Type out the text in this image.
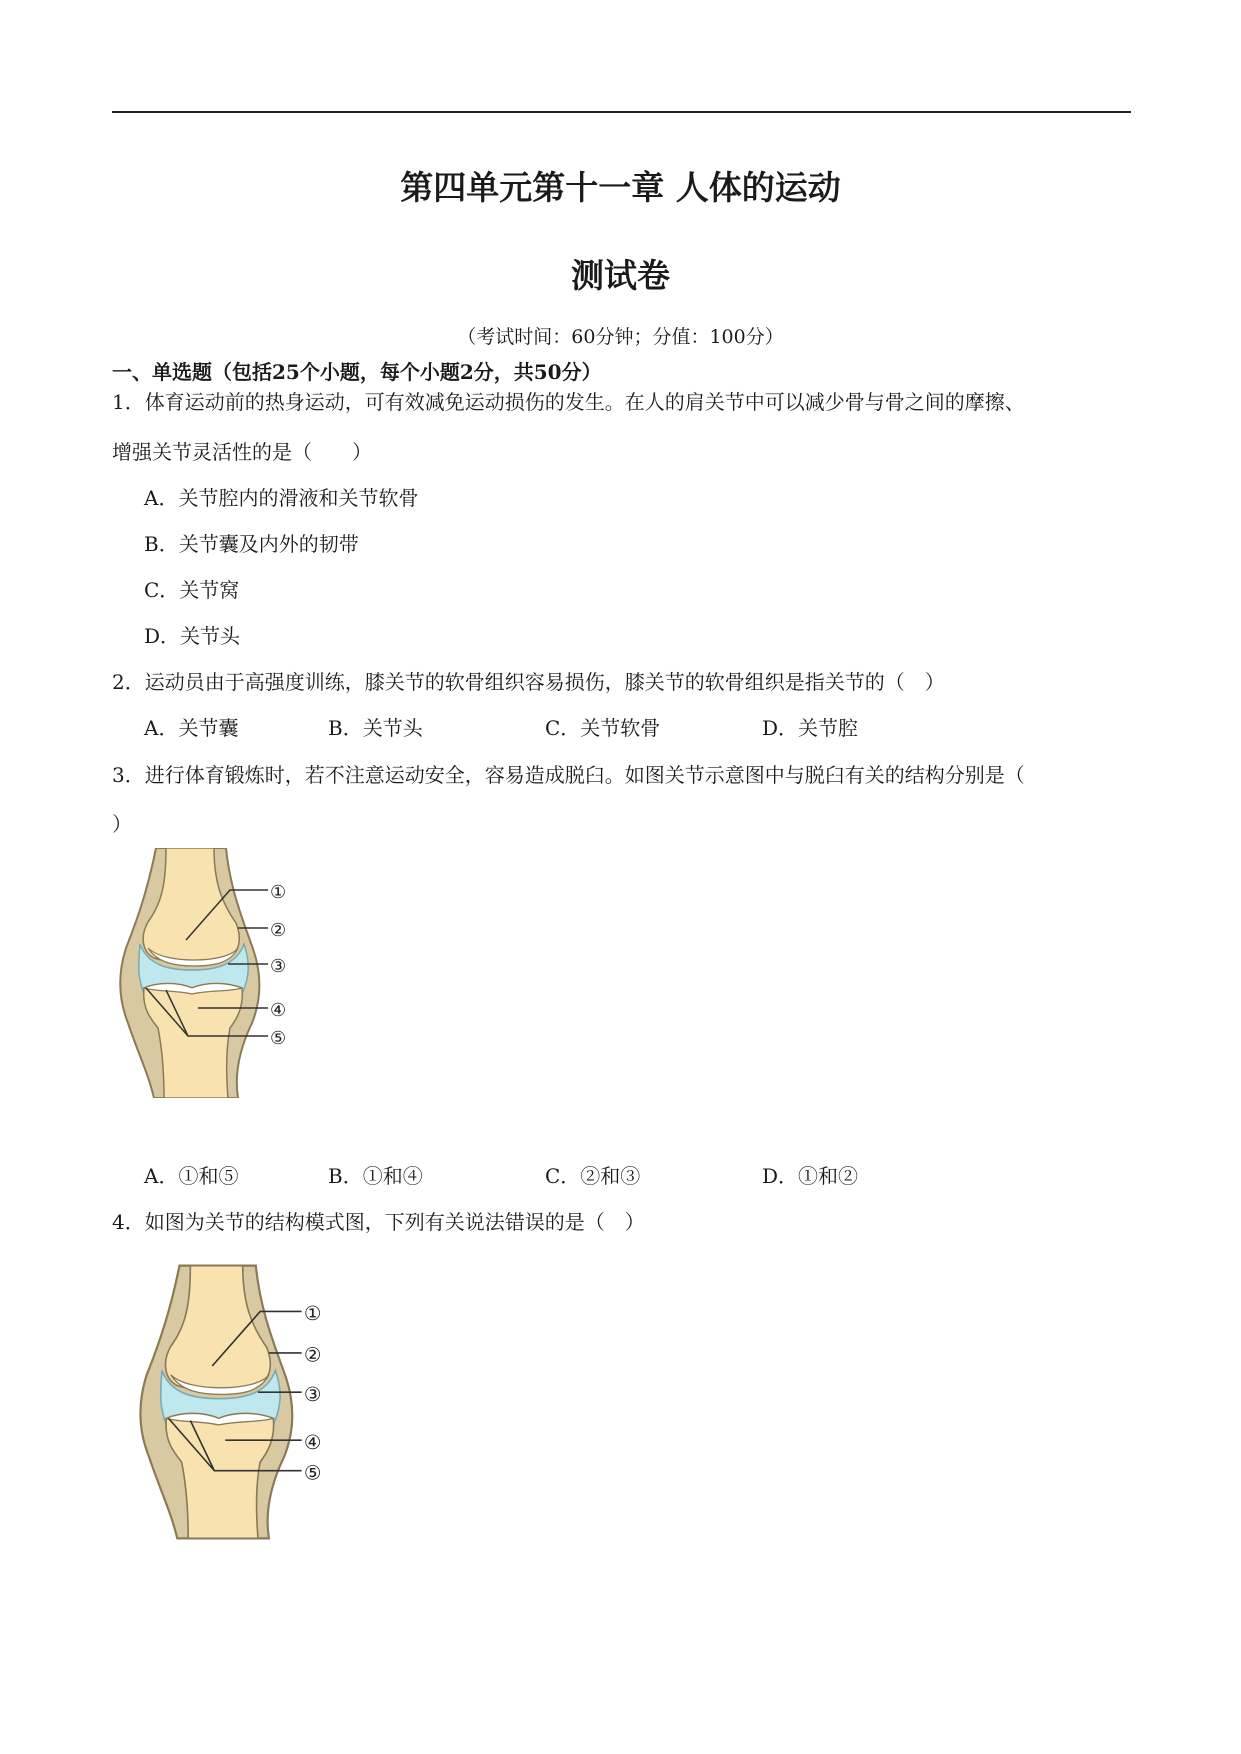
第四单元第十一章 人体的运动
测试卷
（考试时间：60分钟；分值：100分）
一、单选题（包括25个小题，每个小题2分，共50分）
1．体育运动前的热身运动，可有效减免运动损伤的发生。在人的肩关节中可以减少骨与骨之间的摩擦、
增强关节灵活性的是（　　）
A．关节腔内的滑液和关节软骨
B．关节囊及内外的韧带
C．关节窝
D．关节头
2．运动员由于高强度训练，膝关节的软骨组织容易损伤，膝关节的软骨组织是指关节的（　）
A．关节囊	B．关节头	C．关节软骨	D．关节腔
3．进行体育锻炼时，若不注意运动安全，容易造成脱臼。如图关节示意图中与脱臼有关的结构分别是（
）
①
②
③
④
⑤
A．①和⑤	B．①和④	C．②和③	D．①和②
4．如图为关节的结构模式图，下列有关说法错误的是（　）
①
②
③
④
⑤
